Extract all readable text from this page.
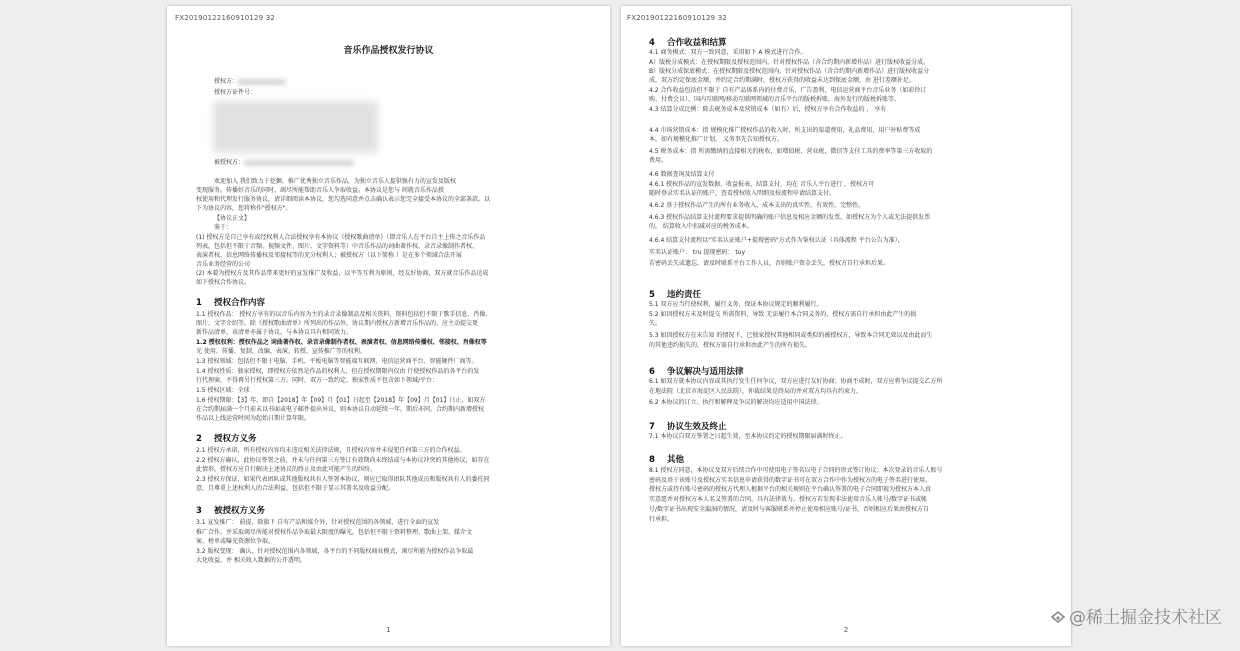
FX20190122160910129 32
音乐作品授权发行协议
授权方：
授权方证件号：
被授权方：
欢迎加入 我们致力于挖掘、推广优秀独立音乐作品，为独立音乐人提供强有力的宣发及版权
变现服务。传播好音乐的同时，竭尽所能帮助音乐人争取收益。本协议是您与 间就音乐作品授
权使用和代理发行服务协议，请详细阅读本协议，您勾选同意并点击确认表示您完全接受本协议的全部条款。以
下为协议内容，您将称作"授权方"。
【协议正文】
鉴于：
(1) 授权方是自己享有或经权利人合法授权享有本协议《授权歌曲清单》（即音乐人在平台自主上传之音乐作品
列表，包括但不限于音频、视频文件、图片、文字资料等）中音乐作品的词曲著作权、录音录像制作者权、
表演者权、信息网络传播权及邻接权等的充分权利人；被授权方（以下简称 ）是在多个领域合法开展
音乐业务经营的公司
(2) 本着为授权方及其作品带来更好的宣发推广及收益，以平等互利为原则，经友好协商，双方就音乐作品达成
如下授权合作协议。
1 授权合作内容
1.1 授权作品： 授权方享有的以音乐内容为主的录音录像制品及相关资料，资料包括但不限于歌手信息、肖像、
图片、文字介绍等。除《授权歌曲清单》所列出的作品外，协议期内授权方新增音乐作品的，应主动提交更
新作品清单，该清单亦属于协议，与本协议具有相同效力。
1.2 授权权利：授权作品之 词曲著作权、录音录像制作者权、表演者权、信息网络传播权、邻接权、肖像权等
光 使用、传播、复制、改编、表演、转授、宣传推广等的权利。
1.3 授权领域：包括但不限于电脑、手机、平板电脑等智能端互联网、电信运营商平台、智能硬件厂商等。
1.4 授权性质：独家授权，即授权方依然是作品的权利人，但在授权期限内仅由 行使授权作品的各平台的发
行代理商，不得再另行授权第三方。同时，双方一致约定，独家性质不包含如下领域/平台：
1.5 授权区域：全球
1.6 授权期限：【3】年，即自【2018】年【09】月【01】日起至【2018】年【09】月【01】日止，如双方
在合约期届满一个月前未以书面或电子邮件提出异议，则本协议自动延续一年，期后亦同。合约期内新增授权
作品以上线运营时间为起始日期计算年限。
2 授权方义务
2.1 授权方承诺，所有授权内容均未违反相关法律法规，且授权内容并未侵犯任何第三方的合作权益。
2.2 授权方确认，此协议签署之前，并未与任何第三方签订有效期尚未终结或与本协议冲突的其他协议，如存在
此情形，授权方应自行解决上述协议的终止及由此可能产生的纠纷。
2.3 授权方保证，如果代表团队或其他版权共有人签署本协议，则应已取得团队其他成员和版权共有人的委托同
意，且尊重上述权利人的合法利益，包括但不限于显示其署名及收益分配。
3 被授权方义务
3.1 宣发推广： 前提，除旗下 自有产品和媒介外，针对授权范围的各领域，进行全面的宣发
推广合作，并采取竭尽所能对授权作品争取最大限度的曝光，包括但不限于资料整理、歌曲上架、媒介文
案、榜单或曝光资源位争取。
3.2 版权变现： 确认，针对授权范围内各领域，各平台的不同版权商业模式，竭尽所能为授权作品争取最
大化收益，并 相关收入数据的公开透明。
1
FX20190122160910129 32
4 合作收益和结算
4.1 商务模式：双方一致同意，采用如下 A 模式进行合作。
A）版税分成模式：在授权期限及授权范围内，针对授权作品（含合约期内新增作品）进行版权收益分成。
B）版权分成保底模式：在授权期限及授权范围内，针对授权作品（含合约期内新增作品）进行版权收益分
成，双方约定保底金额，并约定合约期满时，授权方获得的收益未达到保底金额，由 进行差额补足。
4.2 合作收益包括但不限于 自有产品体系内的付费音乐、广告盈利、电信运营商平台音乐业务（如彩铃订
购、付费会员），国内互联网/移动互联网领域的音乐平台的版税拆账，海外发行的版税拆账等。
4.3 结算分成比例：除去税务成本及营销成本（如有）后，授权方享有合作收益的 ， 享有
4.4 市场营销成本：指 规模化推广授权作品的收入时，所支出的渠道费用，礼品费用，用户补贴费等成
本，如有规模化推广计划， 义务事先告知授权方。
4.5 税务成本：指 所需缴纳的直接相关的税收，如增值税、营业税，微信等支付工具的费率等第三方收取的
费用。
4.6 数据查询及结算支付
4.6.1 授权作品的宣发数据、收益报表、结算支付，均在 音乐人平台进行 ，授权方可
随时登录实名认证的账户，查看授权收入明细及按流程申请结算支付。
4.6.2 基于授权作品产生的所有业务收入，成本支出的真实性、有效性、完整性。
4.6.3 授权作品结算支付流程要求提供明确的账户信息及相应金额的发票，如授权方为个人或无法提供发票
的， 结算收入中扣减对应的税务成本。
4.6.4 结算支付流程以"实名认证账户+提现密码"方式作为鉴权认证（具体流程 平台公告为准），
实名认证账户： tru 提现密码： tuy
若密码丢失或遗忘，请及时联系平台工作人员，否则账户资金丢失，授权方自行承担后果。
5 违约责任
5.1 双方应当行使权利，履行义务，保证本协议规定的顺利履行。
5.2 如因授权方未及时提交 所需资料，导致 无法履行本合同义务的，授权方需自行承担由此产生的损
失。
5.3 如因授权方在未告知 的情况下，已独家授权其他相同或类似的被授权方，导致本合同无效以及由此而生
的其他违约损失的，授权方需自行承担由此产生的所有损失。
6 争议解决与适用法律
6.1 如双方就本协议内容或其执行发生任何争议，双方应进行友好协商；协商不成时，双方应将争议提交乙方所
在地法院（北京市海淀区人民法院），仲裁结果是终局的并对双方均具有约束力。
6.2 本协议的订立、执行和解释及争议的解决均应适用中国法律。
7 协议生效及终止
7.1 本协议自双方签署之日起生效，至本协议约定的授权期限届满时终止。
8 其他
8.1 授权方同意，本协议及双方后续合作中可使用电子签名以电子合同的形式签订协议；本次登录的音乐人账号
密码及基于该账号及授权方实名信息申请获得的数字证书可在双方合作中作为授权方的电子签名进行使用。
授权方或持有账号密码的授权方代理人根据平台的相关规则在平台确认签署的电子合同即视为授权方本人真
实意愿并对授权方本人名义签署的合同，具有法律效力。授权方若发现非法使用音乐人帐号/数字证书或帐
号/数字证书出现安全漏洞的情况，请及时与客服联系并停止使用相应账号/证书，否则相应后果由授权方自
行承担。
2
@稀土掘金技术社区
